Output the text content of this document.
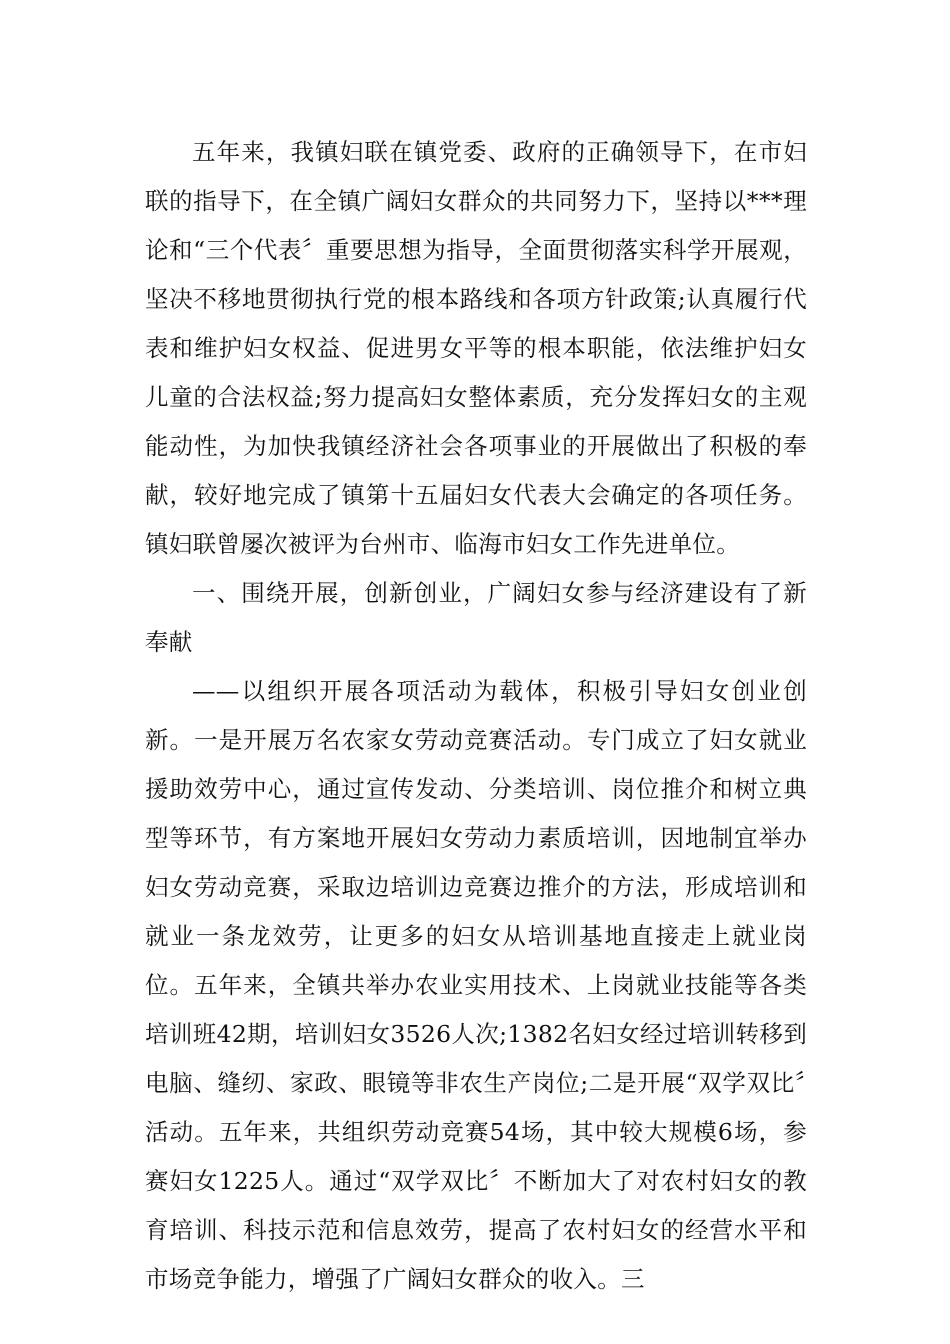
五年来，我镇妇联在镇党委、政府的正确领导下，在市妇联的指导下，在全镇广阔妇女群众的共同努力下，坚持以***理论和“三个代表〞重要思想为指导，全面贯彻落实科学开展观，坚决不移地贯彻执行党的根本路线和各项方针政策;认真履行代表和维护妇女权益、促进男女平等的根本职能，依法维护妇女儿童的合法权益;努力提高妇女整体素质，充分发挥妇女的主观能动性，为加快我镇经济社会各项事业的开展做出了积极的奉献，较好地完成了镇第十五届妇女代表大会确定的各项任务。镇妇联曾屡次被评为台州市、临海市妇女工作先进单位。

一、围绕开展，创新创业，广阔妇女参与经济建设有了新奉献

——以组织开展各项活动为载体，积极引导妇女创业创新。一是开展万名农家女劳动竞赛活动。专门成立了妇女就业援助效劳中心，通过宣传发动、分类培训、岗位推介和树立典型等环节，有方案地开展妇女劳动力素质培训，因地制宜举办妇女劳动竞赛，采取边培训边竞赛边推介的方法，形成培训和就业一条龙效劳，让更多的妇女从培训基地直接走上就业岗位。五年来，全镇共举办农业实用技术、上岗就业技能等各类培训班42期，培训妇女3526人次;1382名妇女经过培训转移到电脑、缝纫、家政、眼镜等非农生产岗位;二是开展“双学双比〞活动。五年来，共组织劳动竞赛54场，其中较大规模6场，参赛妇女1225人。通过“双学双比〞不断加大了对农村妇女的教育培训、科技示范和信息效劳，提高了农村妇女的经营水平和市场竞争能力，增强了广阔妇女群众的收入。三
